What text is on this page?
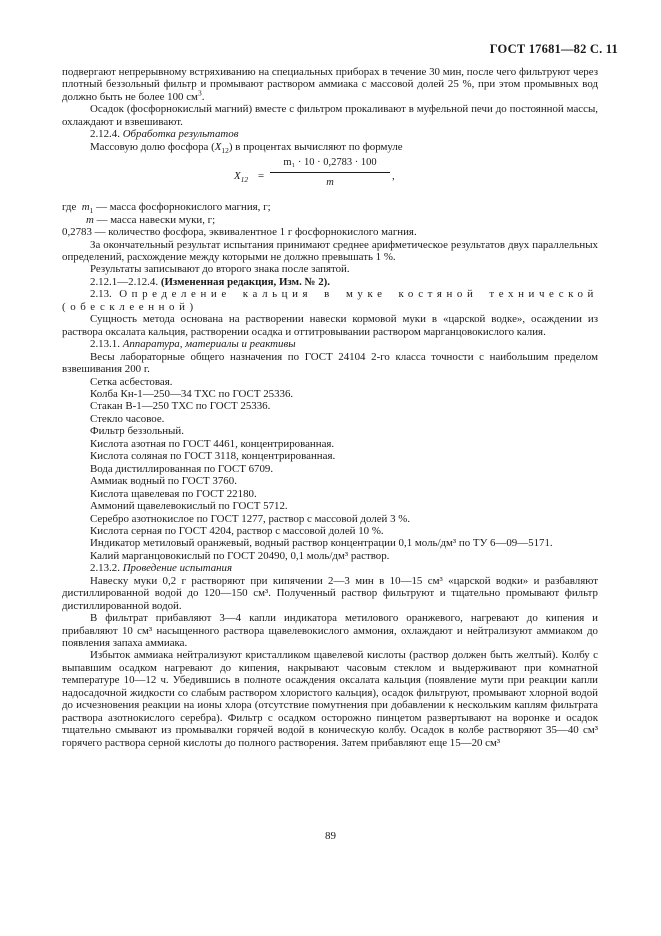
ГОСТ 17681—82 С. 11

подвергают непрерывному встряхиванию на специальных приборах в течение 30 мин, после чего фильтруют через плотный беззольный фильтр и промывают раствором аммиака с массовой долей 25 %, при этом промывных вод должно быть не более 100 $см^3$.

Осадок (фосфорнокислый магний) вместе с фильтром прокаливают в муфельной печи до постоянной массы, охлаждают и взвешивают.

2.12.4. Обработка результатов

Массовую долю фосфора $(X_{12})$ в процентах вычисляют по формуле

$X_{12} = \frac{\text{m₁ · 10 · 0,2783 · 100}}{m}$ ,

где $m_1$ — масса фосфорнокислого магния, г;

m — масса навески муки, г;

0,2783 — количество фосфора, эквивалентное 1 г фосфорнокислого магния.

За окончательный результат испытания принимают среднее арифметическое результатов двух параллельных определений, расхождение между которыми не должно превышать 1 %.

Результаты записывают до второго знака после запятой.

2.12.1—2.12.4. (Измененная редакция, Изм. № 2).

2.13. Определение кальция в муке костяной технической (обесклеенной)

Сущность метода основана на растворении навески кормовой муки в «царской водке», осаждении из раствора оксалата кальция, растворении осадка и оттитровывании раствором марганцовокислого калия.

2.13.1. Аппаратура, материалы и реактивы

Весы лабораторные общего назначения по ГОСТ 24104 2-го класса точности с наибольшим пределом взвешивания 200 г.

Сетка асбестовая.

Колба Кн-1—250—34 ТХС по ГОСТ 25336.

Стакан В-1—250 ТХС по ГОСТ 25336.

Стекло часовое.

Фильтр беззольный.

Кислота азотная по ГОСТ 4461, концентрированная.

Кислота соляная по ГОСТ 3118, концентрированная.

Вода дистиллированная по ГОСТ 6709.

Аммиак водный по ГОСТ 3760.

Кислота щавелевая по ГОСТ 22180.

Аммоний щавелевокислый по ГОСТ 5712.

Серебро азотнокислое по ГОСТ 1277, раствор с массовой долей 3 %.

Кислота серная по ГОСТ 4204, раствор с массовой долей 10 %.

Индикатор метиловый оранжевый, водный раствор концентрации 0,1 моль/дм³ по ТУ 6—09—5171.

Калий марганцовокислый по ГОСТ 20490, 0,1 моль/дм³ раствор.

2.13.2. Проведение испытания

Навеску муки 0,2 г растворяют при кипячении 2—3 мин в 10—15 см³ «царской водки» и разбавляют дистиллированной водой до 120—150 см³. Полученный раствор фильтруют и тщательно промывают фильтр дистиллированной водой.

В фильтрат прибавляют 3—4 капли индикатора метилового оранжевого, нагревают до кипения и прибавляют 10 см³ насыщенного раствора щавелевокислого аммония, охлаждают и нейтрализуют аммиаком до появления запаха аммиака.

Избыток аммиака нейтрализуют кристалликом щавелевой кислоты (раствор должен быть желтый). Колбу с выпавшим осадком нагревают до кипения, накрывают часовым стеклом и выдерживают при комнатной температуре 10—12 ч. Убедившись в полноте осаждения оксалата кальция (появление мути при реакции капли надосадочной жидкости со слабым раствором хлористого кальция), осадок фильтруют, промывают хлорной водой до исчезновения реакции на ионы хлора (отсутствие помутнения при добавлении к нескольким каплям фильтрата раствора азотнокислого серебра). Фильтр с осадком осторожно пинцетом развертывают на воронке и осадок тщательно смывают из промывалки горячей водой в коническую колбу. Осадок в колбе растворяют 35—40 см³ горячего раствора серной кислоты до полного растворения. Затем прибавляют еще 15—20 см³

89
